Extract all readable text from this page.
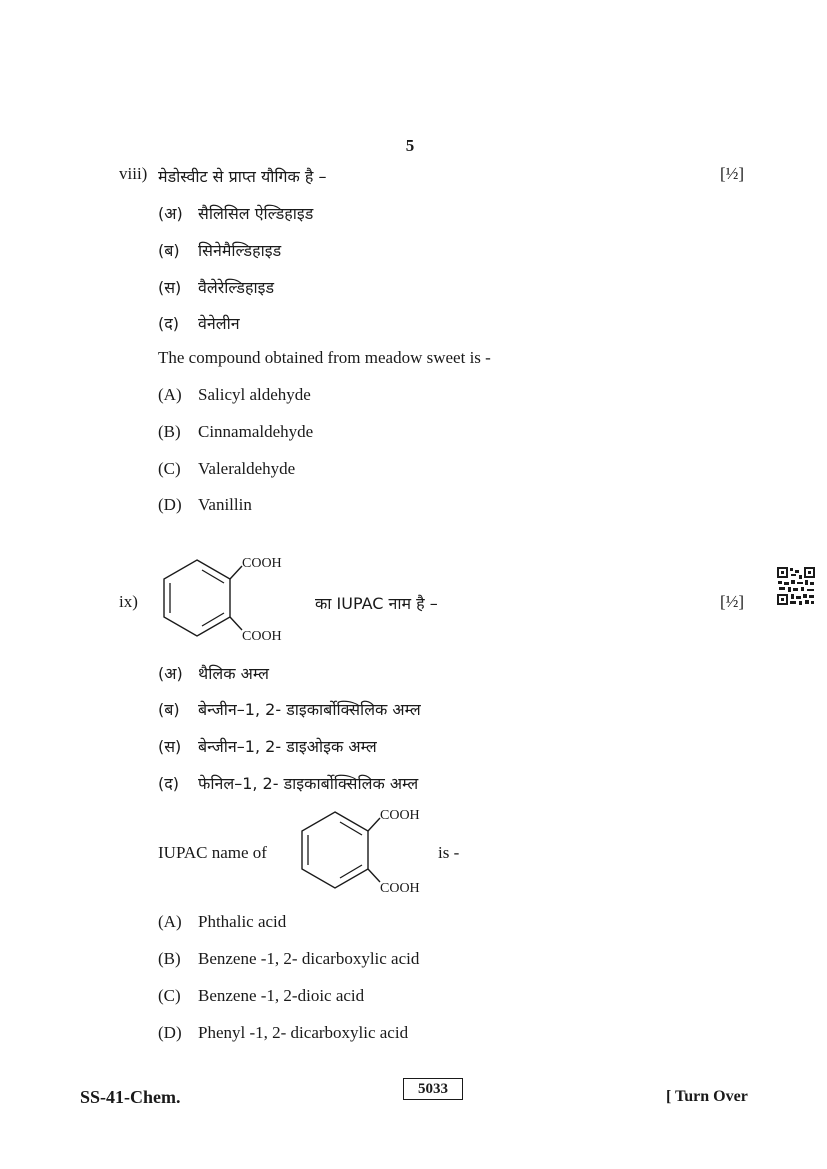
5
viii) मेडोस्वीट से प्राप्त यौगिक है –	[½]
(अ) सैलिसिल ऐल्डिहाइड
(ब) सिनेमैल्डिहाइड
(स) वैलेरेल्डिहाइड
(द) वेनेलीन
The compound obtained from meadow sweet is -
(A) Salicyl aldehyde
(B) Cinnamaldehyde
(C) Valeraldehyde
(D) Vanillin
ix)
COOH
COOH
का IUPAC नाम है –	[½]
(अ) थैलिक अम्ल
(ब) बेन्जीन–1, 2- डाइकार्बोक्सिलिक अम्ल
(स) बेन्जीन–1, 2- डाइओइक अम्ल
(द) फेनिल–1, 2- डाइकार्बोक्सिलिक अम्ल
IUPAC name of
COOH
COOH
is -
(A) Phthalic acid
(B) Benzene -1, 2- dicarboxylic acid
(C) Benzene -1, 2-dioic acid
(D) Phenyl -1, 2- dicarboxylic acid
SS-41-Chem.	5033	[ Turn Over
